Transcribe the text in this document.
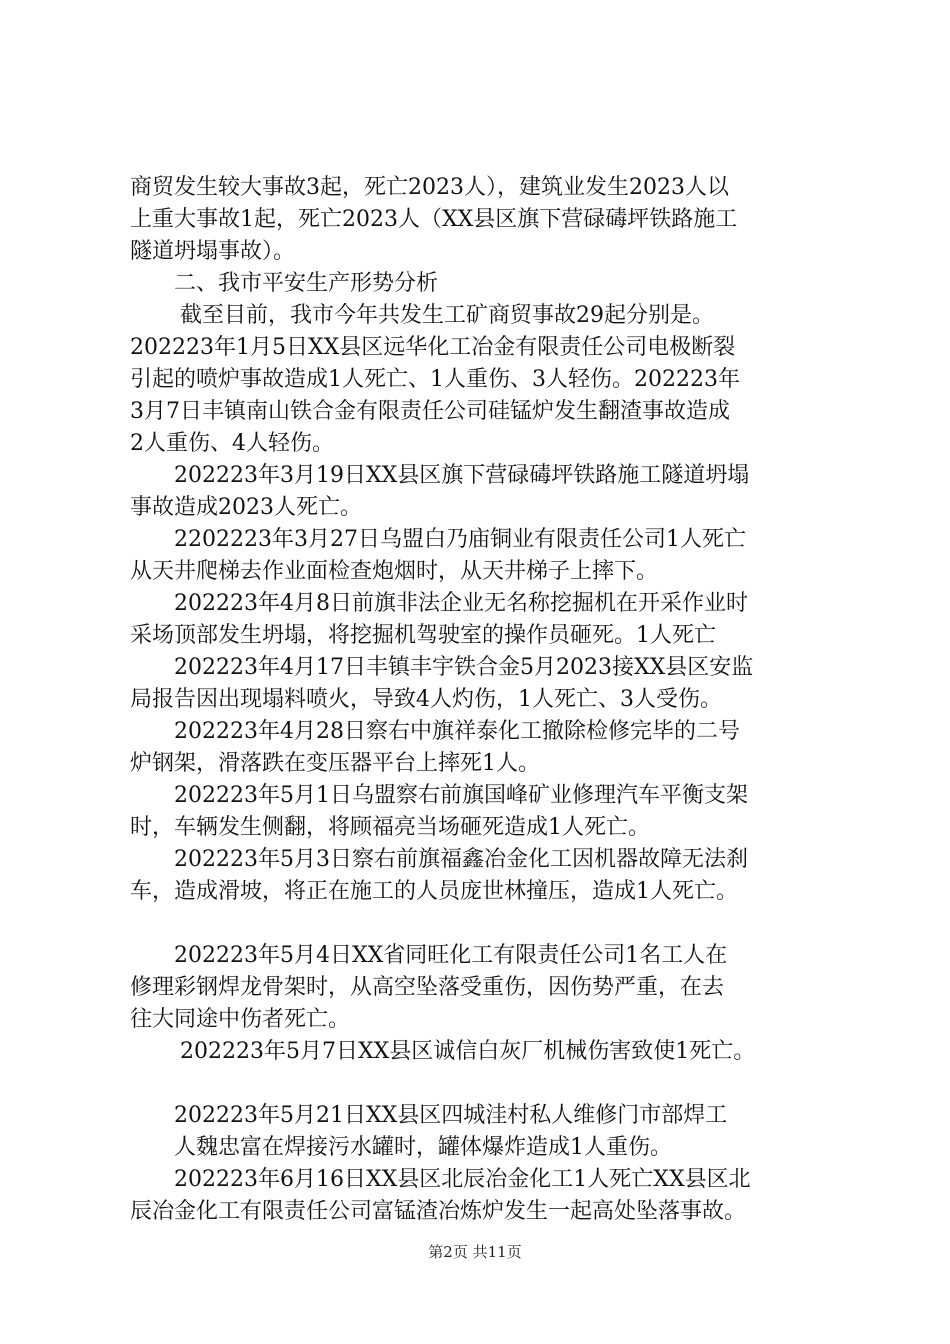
商贸发生较大事故3起，死亡2023人），建筑业发生2023人以
上重大事故1起，死亡2023人（XX县区旗下营碌碡坪铁路施工
隧道坍塌事故）。
二、我市平安生产形势分析
截至目前，我市今年共发生工矿商贸事故29起分别是。
202223年1月5日XX县区远华化工冶金有限责任公司电极断裂
引起的喷炉事故造成1人死亡、1人重伤、3人轻伤。202223年
3月7日丰镇南山铁合金有限责任公司硅锰炉发生翻渣事故造成
2人重伤、4人轻伤。
202223年3月19日XX县区旗下营碌碡坪铁路施工隧道坍塌
事故造成2023人死亡。
2202223年3月27日乌盟白乃庙铜业有限责任公司1人死亡
从天井爬梯去作业面检查炮烟时，从天井梯子上摔下。
202223年4月8日前旗非法企业无名称挖掘机在开采作业时
采场顶部发生坍塌，将挖掘机驾驶室的操作员砸死。1人死亡
202223年4月17日丰镇丰宇铁合金5月2023接XX县区安监
局报告因出现塌料喷火，导致4人灼伤，1人死亡、3人受伤。
202223年4月28日察右中旗祥泰化工撤除检修完毕的二号
炉钢架，滑落跌在变压器平台上摔死1人。
202223年5月1日乌盟察右前旗国峰矿业修理汽车平衡支架
时，车辆发生侧翻，将顾福亮当场砸死造成1人死亡。
202223年5月3日察右前旗福鑫冶金化工因机器故障无法刹
车，造成滑坡，将正在施工的人员庞世林撞压，造成1人死亡。
202223年5月4日XX省同旺化工有限责任公司1名工人在
修理彩钢焊龙骨架时，从高空坠落受重伤，因伤势严重，在去
往大同途中伤者死亡。
202223年5月7日XX县区诚信白灰厂机械伤害致使1死亡。
202223年5月21日XX县区四城洼村私人维修门市部焊工
人魏忠富在焊接污水罐时，罐体爆炸造成1人重伤。
202223年6月16日XX县区北辰冶金化工1人死亡XX县区北
辰冶金化工有限责任公司富锰渣冶炼炉发生一起高处坠落事故。
第2页 共11页
